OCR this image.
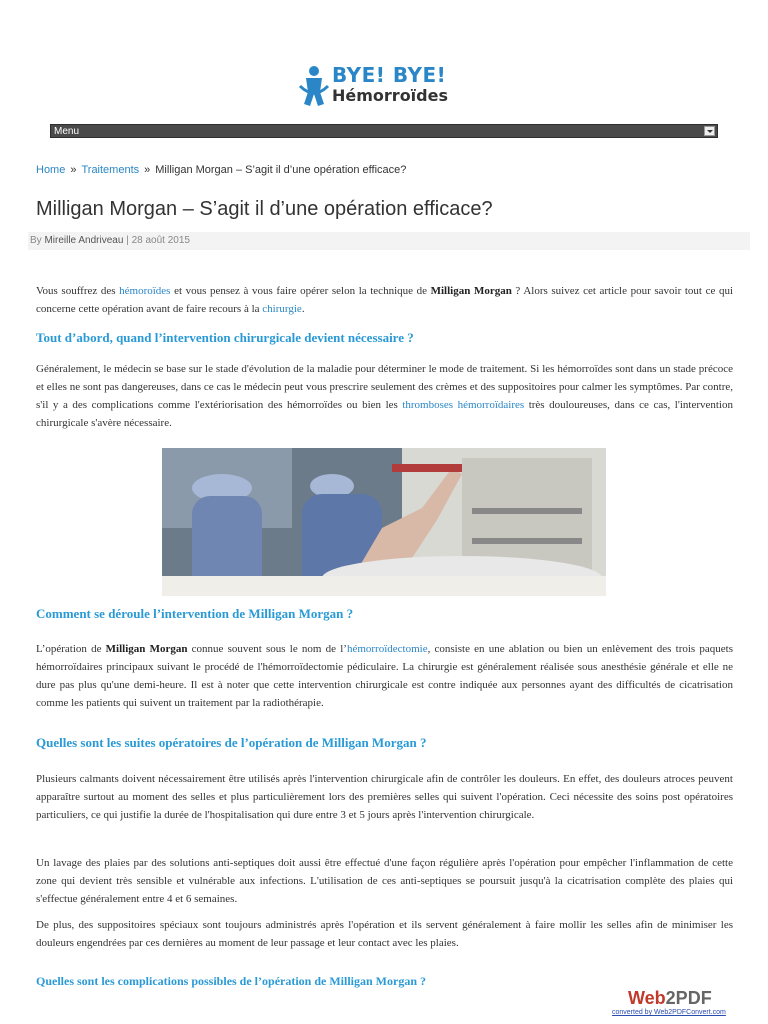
BYE! BYE!
Hémorroïdes
Menu
Home » Traitements » Milligan Morgan – S’agit il d’une opération efficace?
Milligan Morgan – S’agit il d’une opération efficace?
By Mireille Andriveau | 28 août 2015

Vous souffrez des hémoroïdes et vous pensez à vous faire opérer selon la technique de Milligan Morgan ? Alors suivez cet article pour savoir tout ce qui concerne cette opération avant de faire recours à la chirurgie.

Tout d’abord, quand l’intervention chirurgicale devient nécessaire ?

Généralement, le médecin se base sur le stade d'évolution de la maladie pour déterminer le mode de traitement. Si les hémorroïdes sont dans un stade précoce et elles ne sont pas dangereuses, dans ce cas le médecin peut vous prescrire seulement des crèmes et des suppositoires pour calmer les symptômes. Par contre, s'il y a des complications comme l'extériorisation des hémorroïdes ou bien les thromboses hémorroïdaires très douloureuses, dans ce cas, l'intervention chirurgicale s'avère nécessaire.

Comment se déroule l’intervention de Milligan Morgan ?

L’opération de Milligan Morgan connue souvent sous le nom de l’hémorroïdectomie, consiste en une ablation ou bien un enlèvement des trois paquets hémorroïdaires principaux suivant le procédé de l'hémorroïdectomie pédiculaire. La chirurgie est généralement réalisée sous anesthésie générale et elle ne dure pas plus qu'une demi-heure. Il est à noter que cette intervention chirurgicale est contre indiquée aux personnes ayant des difficultés de cicatrisation comme les patients qui suivent un traitement par la radiothérapie.

Quelles sont les suites opératoires de l’opération de Milligan Morgan ?

Plusieurs calmants doivent nécessairement être utilisés après l'intervention chirurgicale afin de contrôler les douleurs. En effet, des douleurs atroces peuvent apparaître surtout au moment des selles et plus particulièrement lors des premières selles qui suivent l'opération. Ceci nécessite des soins post opératoires particuliers, ce qui justifie la durée de l'hospitalisation qui dure entre 3 et 5 jours après l'intervention chirurgicale.

Un lavage des plaies par des solutions anti-septiques doit aussi être effectué d'une façon régulière après l'opération pour empêcher l'inflammation de cette zone qui devient très sensible et vulnérable aux infections. L'utilisation de ces anti-septiques se poursuit jusqu'à la cicatrisation complète des plaies qui s'effectue généralement entre 4 et 6 semaines.

De plus, des suppositoires spéciaux sont toujours administrés après l'opération et ils servent généralement à faire mollir les selles afin de minimiser les douleurs engendrées par ces dernières au moment de leur passage et leur contact avec les plaies.

Quelles sont les complications possibles de l’opération de Milligan Morgan ?
Web2PDF
converted by Web2PDFConvert.com
